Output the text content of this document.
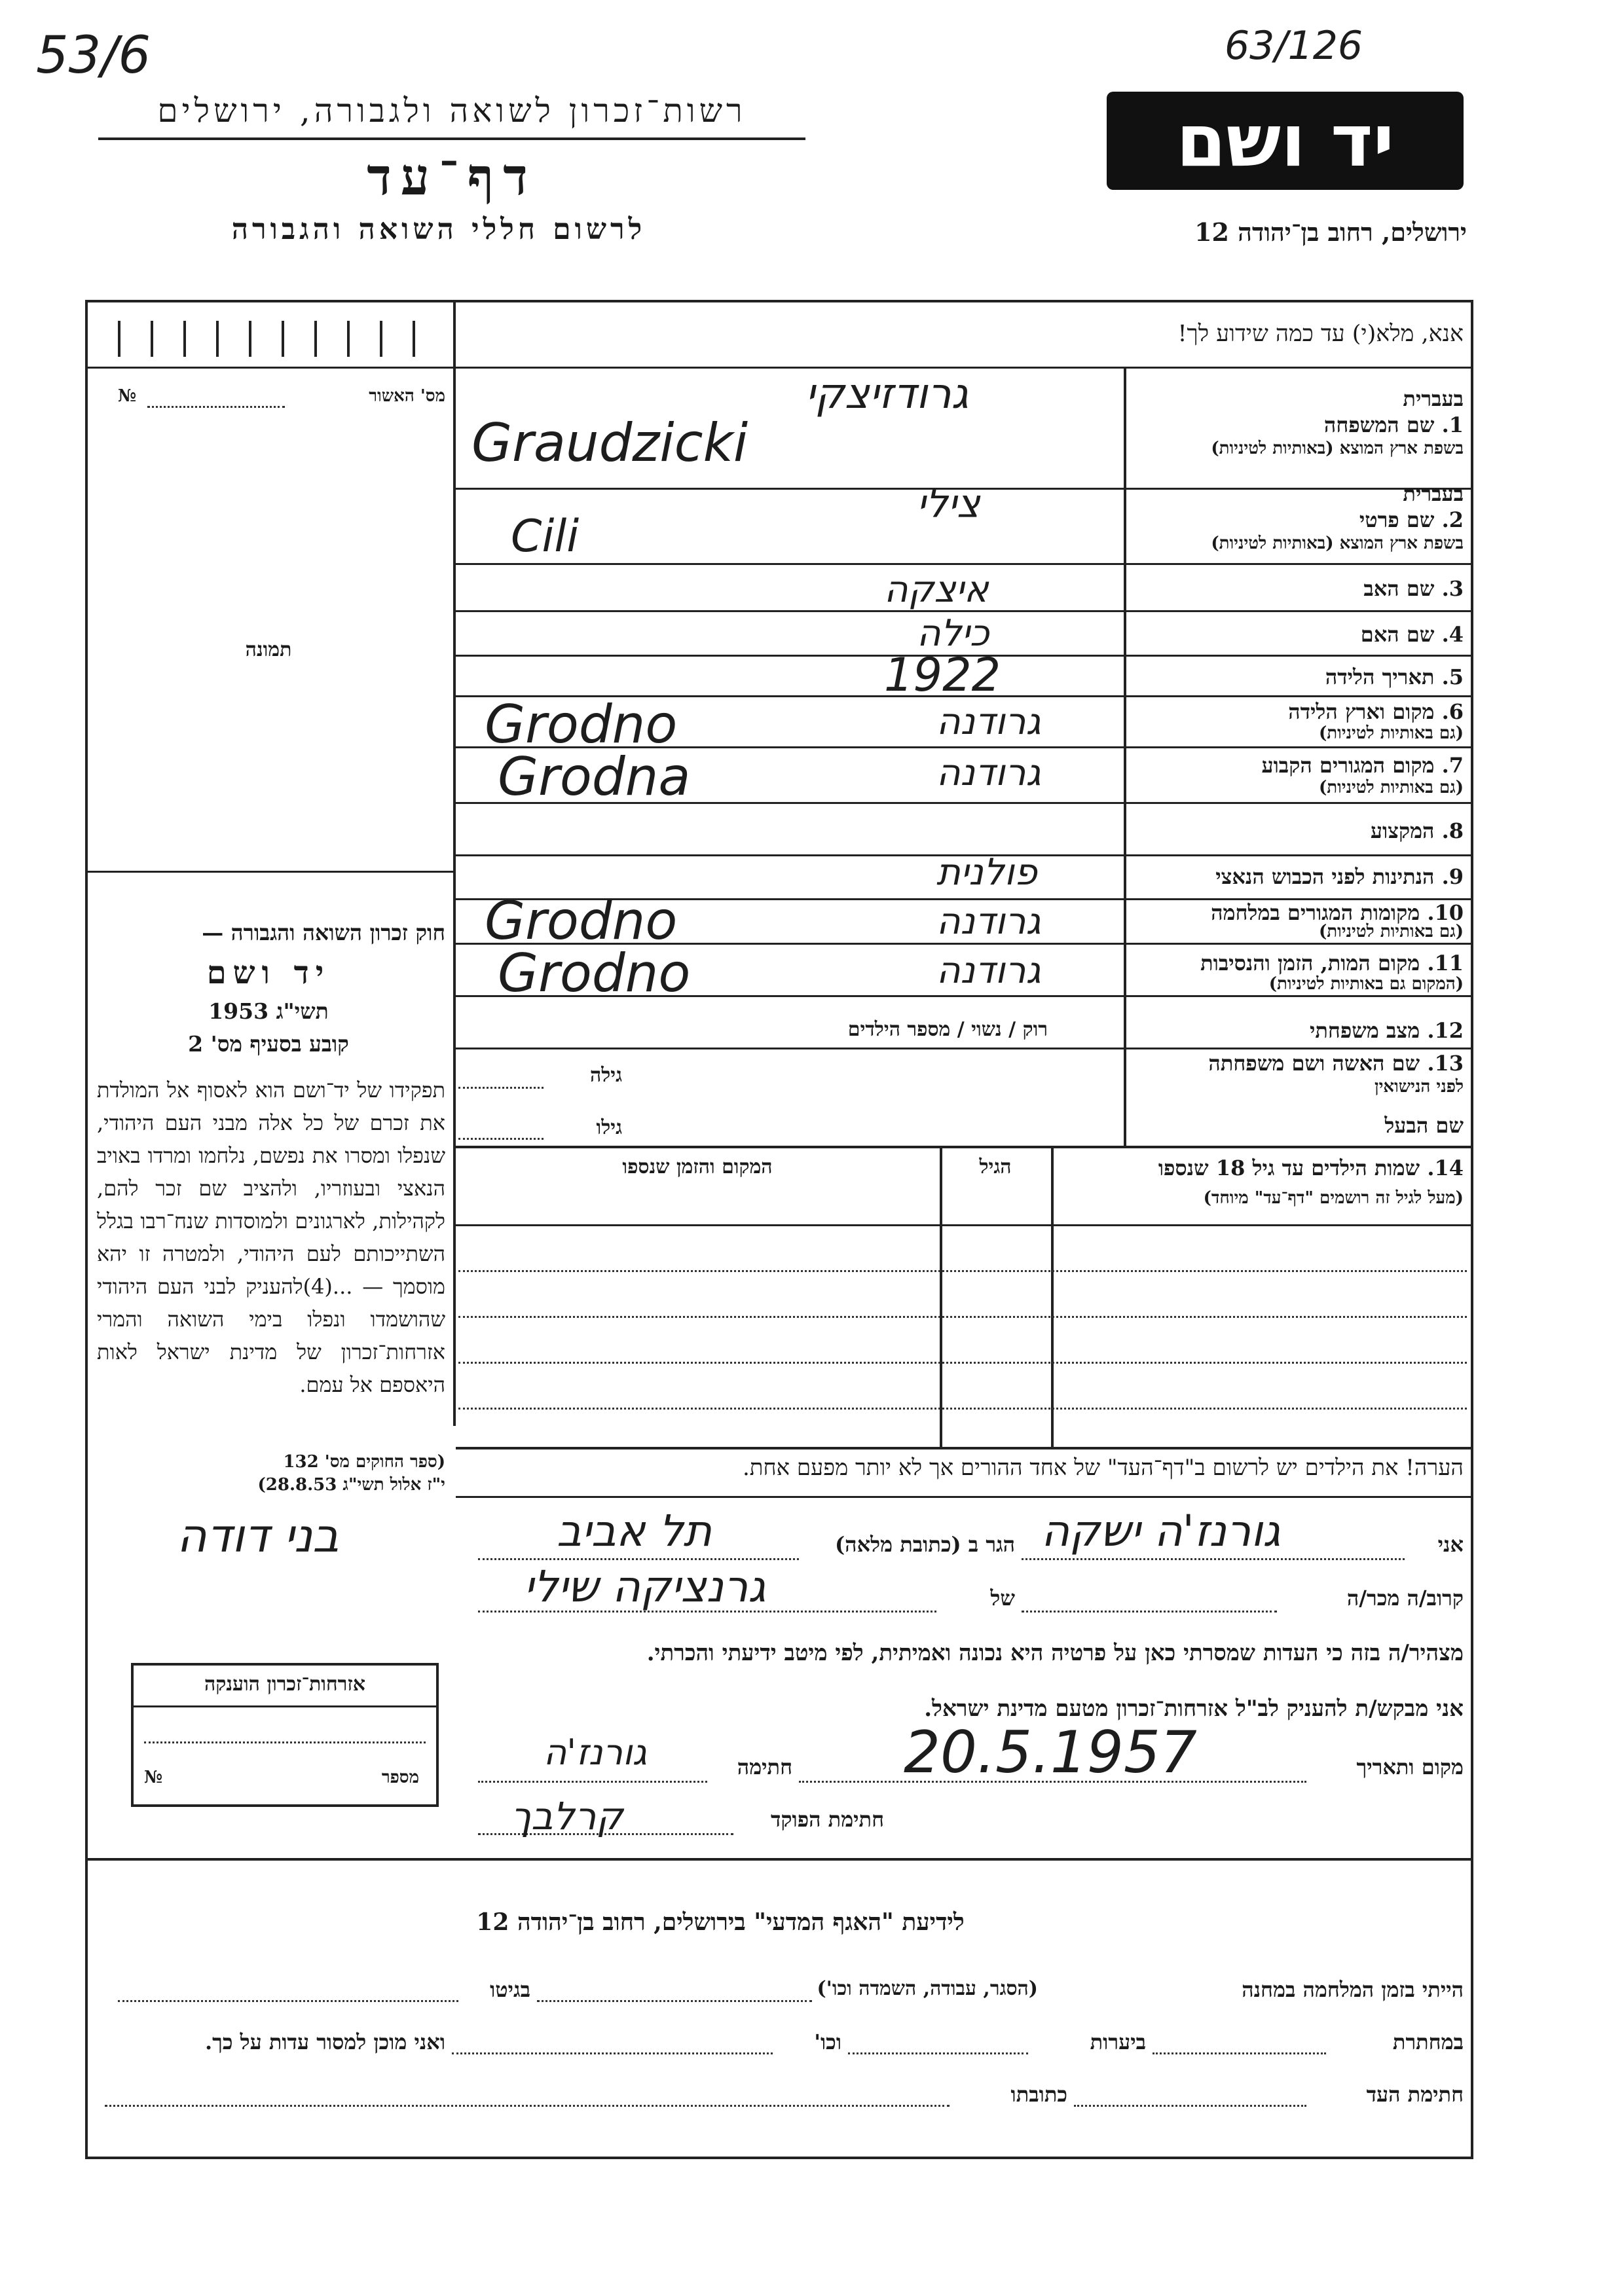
53/6	63/126
רשות־זכרון לשואה ולגבורה, ירושלים
דף־עד
לרשום חללי השואה והגבורה
יד ושם
ירושלים, רחוב בן־יהודה 12
מס' האשור
№
תמונה
חוק זכרון השואה והגבורה —
יד ושם
1953 תשי"ג
קובע בסעיף מס' 2
תפקידו של יד־ושם הוא לאסוף אל המולדת את זכרם של כל אלה מבני העם היהודי, שנפלו ומסרו את נפשם, נלחמו ומרדו באויב הנאצי ובעוזריו, ולהציב שם זכר להם, לקהילות, לארגונים ולמוסדות שנח־רבו בגלל השתייכותם לעם היהודי, ולמטרה זו יהא מוסמך — ...(4)להעניק לבני העם היהודי שהושמדו ונפלו בימי השואה והמרי אזרחות־זכרון של מדינת ישראל לאות היאספם אל עמם.
(ספר החוקים מס' 132
י"ז אלול תשי"ג 28.8.53)
אזרחות־זכרון הוענקה
מספר
№
אנא, מלא(י) עד כמה שידוע לך!
בעברית
1. שם המשפחה
בשפת ארץ המוצא (באותיות לטיניות)
בעברית
2. שם פרטי
בשפת ארץ המוצא (באותיות לטיניות)
3. שם האב
4. שם האם
5. תאריך הלידה
6. מקום וארץ הלידה
(גם באותיות לטיניות)
7. מקום המגורים הקבוע
(גם באותיות לטיניות)
8. המקצוע
9. הנתינות לפני הכבוש הנאצי
10. מקומות המגורים במלחמה
(גם באותיות לטיניות)
11. מקום המות, הזמן והנסיבות
(המקום גם באותיות לטיניות)
12. מצב משפחתי
רוק / נשוי / מספר הילדים
13. שם האשה ושם משפחתה
לפני הנישואין
גילה
שם הבעל
גילו
גרודזיצקי
Graudzicki
צילי
Cili
איצקה
כילה
1922
גרודנה
Grodno
גרודנה
Grodna
פולנית
גרודנה
Grodno
גרודנה
Grodno
14. שמות הילדים עד גיל 18 שנספו
(מעל לגיל זה רושמים "דף־עד" מיוחד)
הגיל
המקום והזמן שנספו
הערה! את הילדים יש לרשום ב"דף־העד" של אחד ההורים אך לא יותר מפעם אחת.
אני
הגר ב (כתובת מלאה) גורנז'ה ישקה
תל אביב
בני דודה
קרוב/ה מכר/ה
של
גרנציקה שילי
מצהיר/ה בזה כי העדות שמסרתי כאן על פרטיה היא נכונה ואמיתית, לפי מיטב ידיעתי והכרתי.
אני מבקש/ת להעניק לב"ל אזרחות־זכרון מטעם מדינת ישראל.
מקום ותאריך
20.5.1957
חתימה
גורנז'ה
חתימת הפוקד
קרלבך
לידיעת "האגף המדעי" בירושלים, רחוב בן־יהודה 12
הייתי בזמן המלחמה במחנה
(הסגר, עבודה, השמדה וכו')
בגיטו
במחתרת
ביערות
וכו'
ואני מוכן למסור עדות על כך.
חתימת העד
כתובתו
